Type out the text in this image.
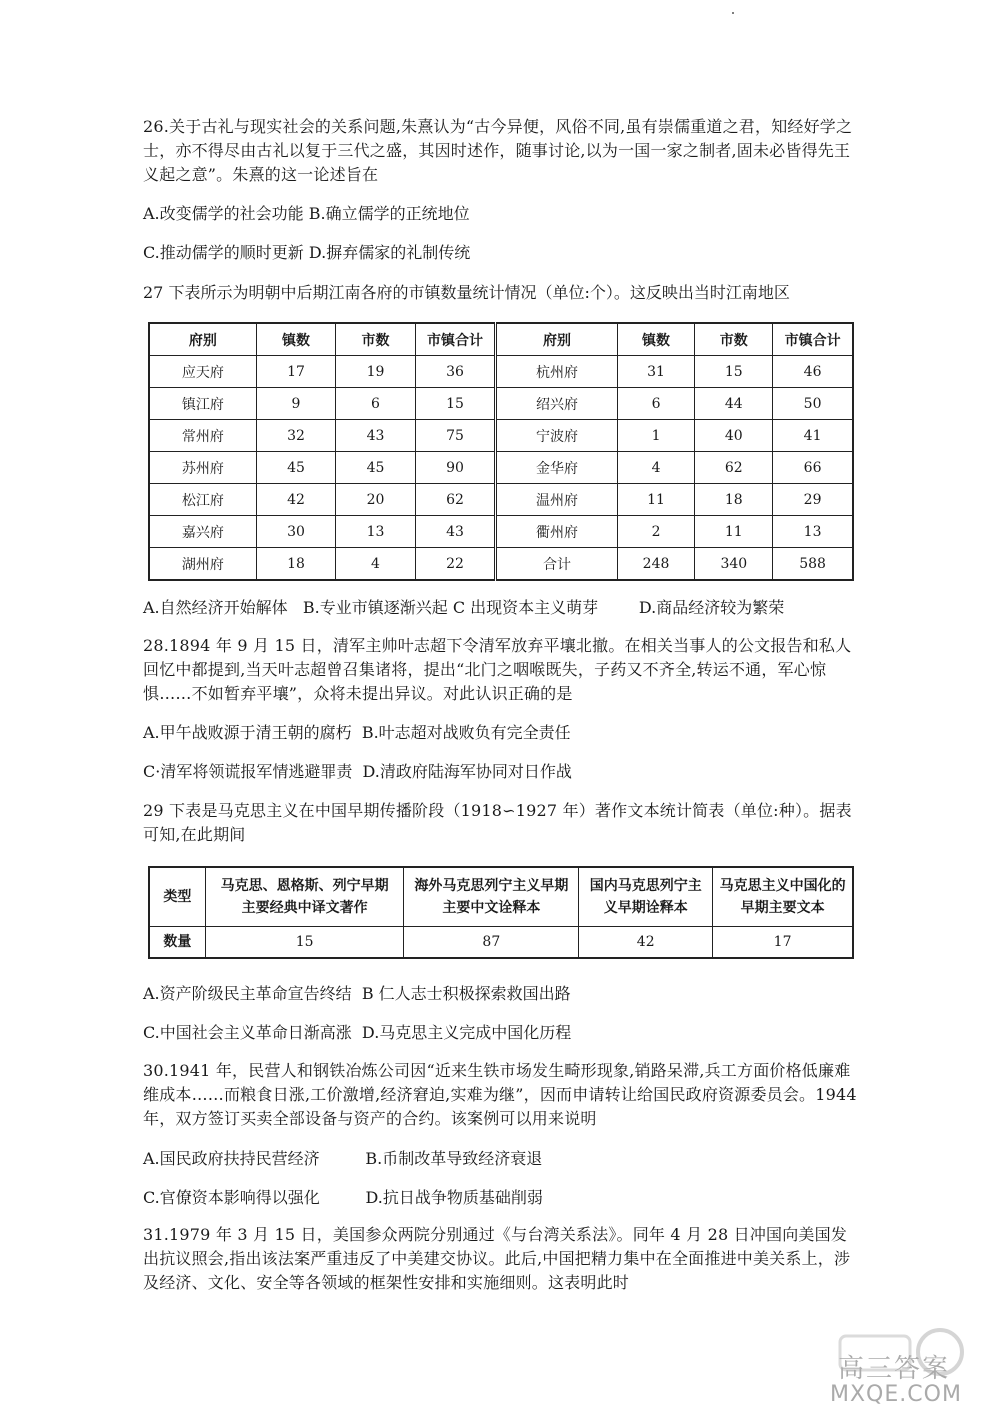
26.关于古礼与现实社会的关系问题,朱熹认为“古今异便，风俗不同,虽有崇儒重道之君，知经好学之士，亦不得尽由古礼以复于三代之盛，其因时述作，随事讨论,以为一国一家之制者,固未必皆得先王义起之意”。朱熹的这一论述旨在

A.改变儒学的社会功能 B.确立儒学的正统地位

C.推动儒学的顺时更新 D.摒弃儒家的礼制传统

27 下表所示为明朝中后期江南各府的市镇数量统计情况（单位:个）。这反映出当时江南地区

府别	镇数	市数	市镇合计	府别	镇数	市数	市镇合计
应天府	17	19	36	杭州府	31	15	46
镇江府	9	6	15	绍兴府	6	44	50
常州府	32	43	75	宁波府	1	40	41
苏州府	45	45	90	金华府	4	62	66
松江府	42	20	62	温州府	11	18	29
嘉兴府	30	13	43	衢州府	2	11	13
湖州府	18	4	22	合计	248	340	588

A.自然经济开始解体   B.专业市镇逐渐兴起 C 出现资本主义萌芽        D.商品经济较为繁荣

28.1894 年 9 月 15 日，清军主帅叶志超下令清军放弃平壤北撤。在相关当事人的公文报告和私人回忆中都提到,当天叶志超曾召集诸将，提出“北门之咽喉既失，子药又不齐全,转运不通，军心惊惧……不如暂弃平壤”，众将未提出异议。对此认识正确的是

A.甲午战败源于清王朝的腐朽  B.叶志超对战败负有完全责任

C·清军将领谎报军情逃避罪责  D.清政府陆海军协同对日作战

29 下表是马克思主义在中国早期传播阶段（1918∽1927 年）著作文本统计简表（单位:种）。据表可知,在此期间

类型	马克思、恩格斯、列宁早期主要经典中译文著作	海外马克思列宁主义早期主要中文诠释本	国内马克思列宁主义早期诠释本	马克思主义中国化的早期主要文本
数量	15	87	42	17

A.资产阶级民主革命宣告终结  B 仁人志士积极探索救国出路

C.中国社会主义革命日渐高涨  D.马克思主义完成中国化历程

30.1941 年，民营人和钢铁冶炼公司因“近来生铁市场发生畸形现象,销路呆滞,兵工方面价格低廉难维成本……而粮食日涨,工价激增,经济窘迫,实难为继”，因而申请转让给国民政府资源委员会。1944 年，双方签订买卖全部设备与资产的合约。该案例可以用来说明

A.国民政府扶持民营经济         B.币制改革导致经济衰退

C.官僚资本影响得以强化         D.抗日战争物质基础削弱

31.1979 年 3 月 15 日，美国参众两院分别通过《与台湾关系法》。同年 4 月 28 日冲国向美国发出抗议照会,指出该法案严重违反了中美建交协议。此后,中国把精力集中在全面推进中美关系上，涉及经济、文化、安全等各领域的框架性安排和实施细则。这表明此时

高三答案
MXQE.COM
